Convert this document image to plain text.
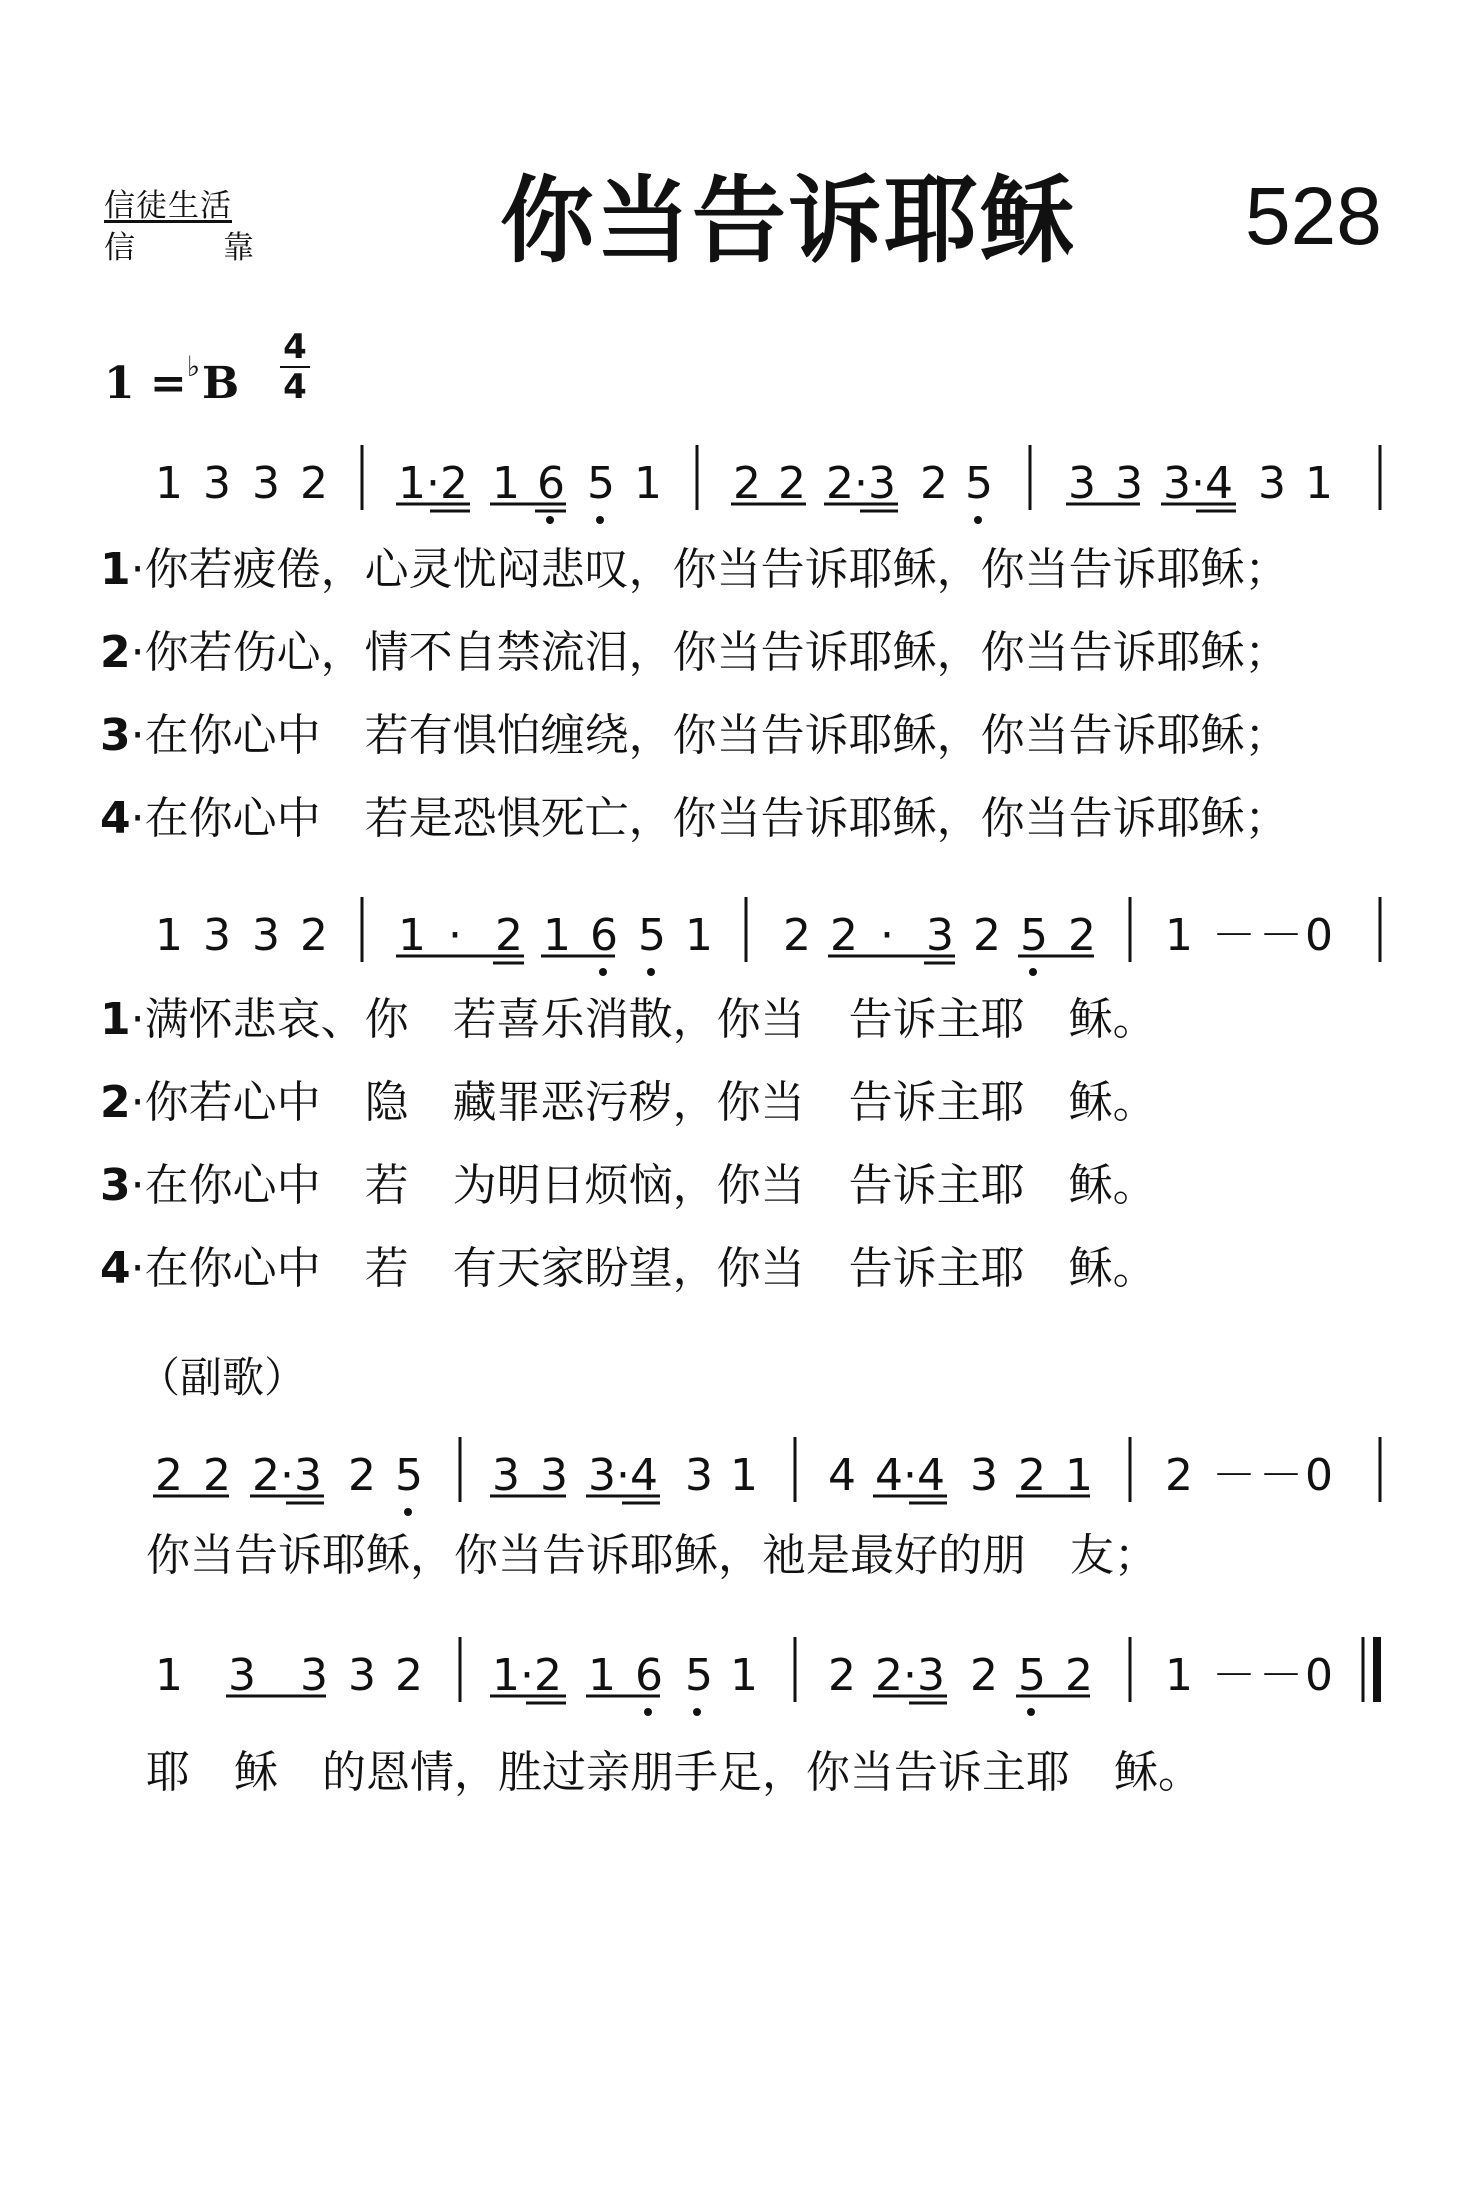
信徒生活
信	靠	你当告诉耶稣 528
1 =♭B
4
4
1 3 3 2 1·2 1 6 5 1 2 2 2·3 2 5 3 3 3·4 3 1
1 3 3 2 1 · 2 1 6 5 1 2 2 · 3 2 5 2 1 － － 0
2 2 2·3 2 5 3 3 3·4 3 1 4 4·4 3 2 1 2 － － 0
1 3 3 3 2 1·2 1 6 5 1 2 2·3 2 5 2 1 － － 0
1·你若疲倦，心灵忧闷悲叹，你当告诉耶稣，你当告诉耶稣；
2·你若伤心，情不自禁流泪，你当告诉耶稣，你当告诉耶稣；
3·在你心中　若有惧怕缠绕，你当告诉耶稣，你当告诉耶稣；
4·在你心中　若是恐惧死亡，你当告诉耶稣，你当告诉耶稣；
1·满怀悲哀、你　若喜乐消散，你当　告诉主耶　稣。
2·你若心中　隐　藏罪恶污秽，你当　告诉主耶　稣。
3·在你心中　若　为明日烦恼，你当　告诉主耶　稣。
4·在你心中　若　有天家盼望，你当　告诉主耶　稣。
（副歌）
你当告诉耶稣，你当告诉耶稣，祂是最好的朋　友；
耶　稣　的恩情，胜过亲朋手足，你当告诉主耶　稣。
